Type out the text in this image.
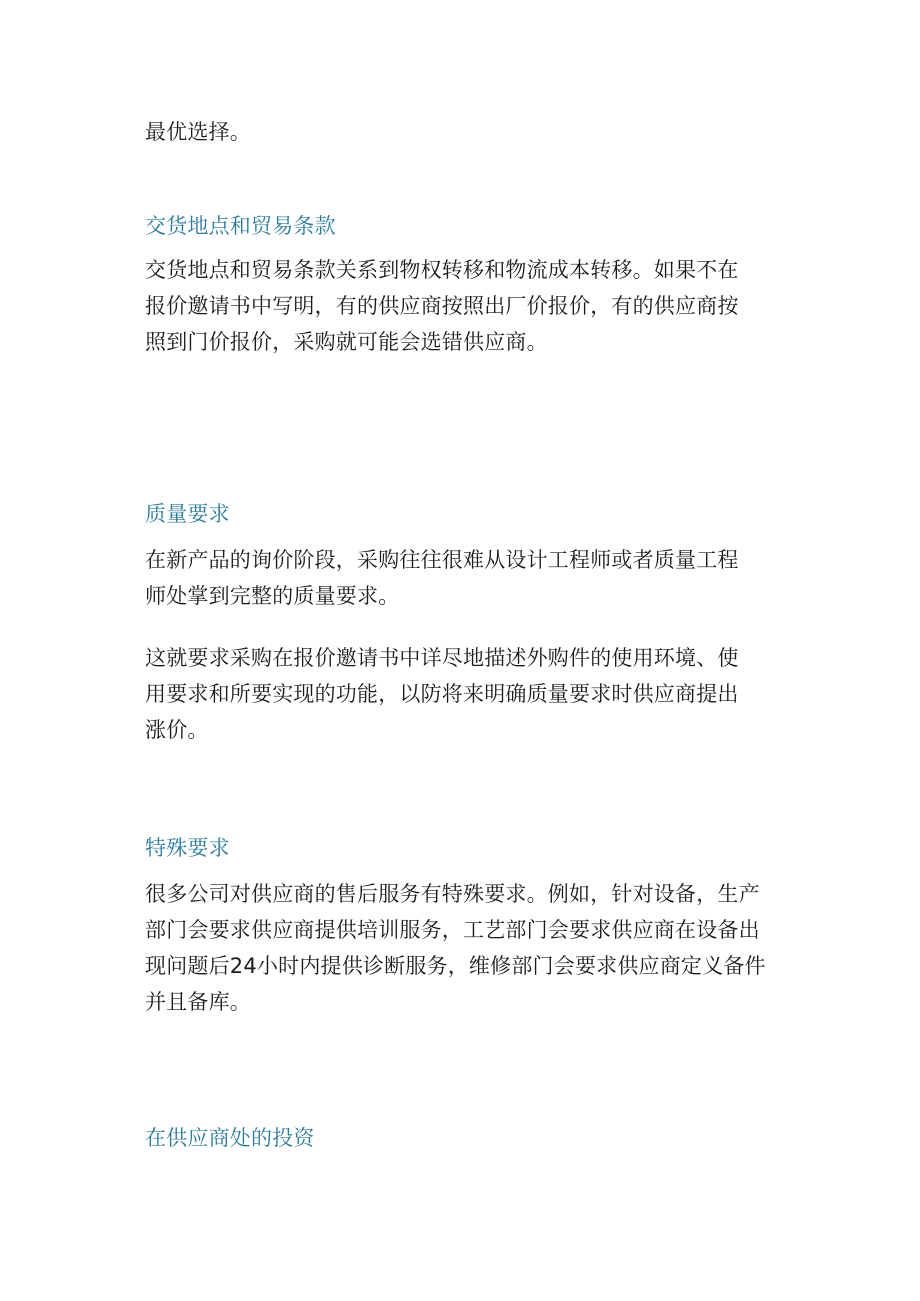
最优选择。

交货地点和贸易条款

交货地点和贸易条款关系到物权转移和物流成本转移。如果不在
报价邀请书中写明，有的供应商按照出厂价报价，有的供应商按
照到门价报价，采购就可能会选错供应商。

质量要求

在新产品的询价阶段，采购往往很难从设计工程师或者质量工程
师处掌到完整的质量要求。

这就要求采购在报价邀请书中详尽地描述外购件的使用环境、使
用要求和所要实现的功能，以防将来明确质量要求时供应商提出
涨价。

特殊要求

很多公司对供应商的售后服务有特殊要求。例如，针对设备，生产
部门会要求供应商提供培训服务，工艺部门会要求供应商在设备出
现问题后24小时内提供诊断服务，维修部门会要求供应商定义备件
并且备库。

在供应商处的投资
